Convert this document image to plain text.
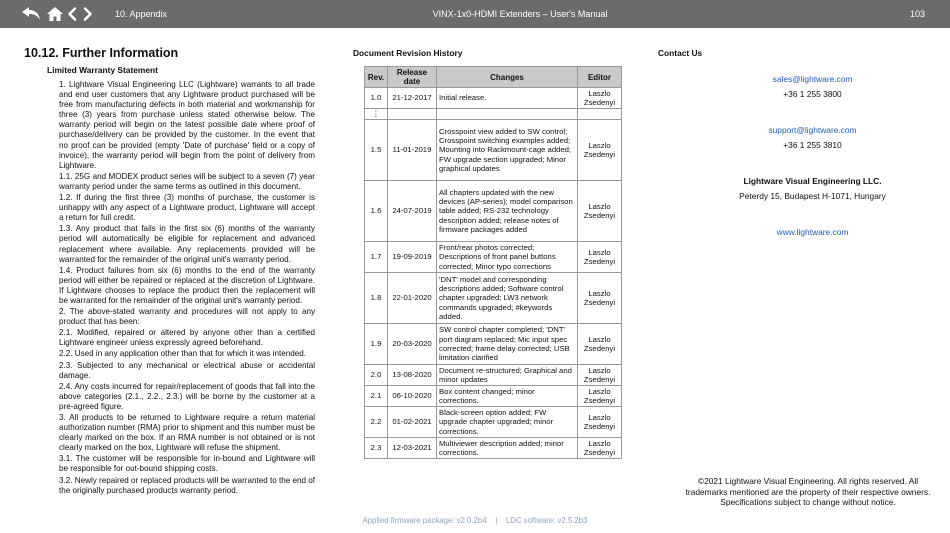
10. Appendix	VINX-1x0-HDMI Extenders – User's Manual	103
10.12. Further Information
Limited Warranty Statement

1. Lightware Visual Engineering LLC (Lightware) warrants to all trade and end user customers that any Lightware product purchased will be free from manufacturing defects in both material and workmanship for three (3) years from purchase unless stated otherwise below. The warranty period will begin on the latest possible date where proof of purchase/delivery can be provided by the customer. In the event that no proof can be provided (empty 'Date of purchase' field or a copy of invoice), the warranty period will begin from the point of delivery from Lightware.

1.1. 25G and MODEX product series will be subject to a seven (7) year warranty period under the same terms as outlined in this document.

1.2. If during the first three (3) months of purchase, the customer is unhappy with any aspect of a Lightware product, Lightware will accept a return for full credit.

1.3. Any product that fails in the first six (6) months of the warranty period will automatically be eligible for replacement and advanced replacement where available. Any replacements provided will be warranted for the remainder of the original unit's warranty period.

1.4. Product failures from six (6) months to the end of the warranty period will either be repaired or replaced at the discretion of Lightware. If Lightware chooses to replace the product then the replacement will be warranted for the remainder of the original unit's warranty period.

2. The above-stated warranty and procedures will not apply to any product that has been:

2.1. Modified, repaired or altered by anyone other than a certified Lightware engineer unless expressly agreed beforehand.

2.2. Used in any application other than that for which it was intended.

2.3. Subjected to any mechanical or electrical abuse or accidental damage.

2.4. Any costs incurred for repair/replacement of goods that fall into the above categories (2.1., 2.2., 2.3.) will be borne by the customer at a pre-agreed figure.

3. All products to be returned to Lightware require a return material authorization number (RMA) prior to shipment and this number must be clearly marked on the box. If an RMA number is not obtained or is not clearly marked on the box, Lightware will refuse the shipment.

3.1. The customer will be responsible for in-bound and Lightware will be responsible for out-bound shipping costs.

3.2. Newly repaired or replaced products will be warranted to the end of the originally purchased products warranty period.

Document Revision History
Rev.	Release date	Changes	Editor
1.0	21-12-2017	Initial release.	Laszlo Zsedenyi
⋮			
1.5	11-01-2019	Crosspoint view added to SW control; Crosspoint switching examples added; Mounting into Rackmount-cage added; FW upgrade section upgraded; Minor graphical updates	Laszlo Zsedenyi
1.6	24-07-2019	All chapters updated with the new devices (AP-series); model comparison table added; RS-232 technology description added; release notes of firmware packages added	Laszlo Zsedenyi
1.7	19-09-2019	Front/rear photos corrected; Descriptions of front panel buttons corrected; Minor typo corrections	Laszlo Zsedenyi
1.8	22-01-2020	'DNT' model and corresponding descriptions added; Software control chapter upgraded; LW3 network commands upgraded; #keywords added.	Laszlo Zsedenyi
1.9	20-03-2020	SW control chapter completed; 'DNT' port diagram replaced; Mic input spec corrected; frame delay corrected; USB limitation clarified	Laszlo Zsedenyi
2.0	13-08-2020	Document re-structured; Graphical and minor updates	Laszlo Zsedenyi
2.1	06-10-2020	Box content changed; minor corrections.	Laszlo Zsedenyi
2.2	01-02-2021	Black-screen option added; FW upgrade chapter upgraded; minor corrections.	Laszlo Zsedenyi
2.3	12-03-2021	Multiviewer description added; minor corrections.	Laszlo Zsedenyi
Contact Us
sales@lightware.com
+36 1 255 3800
support@lightware.com
+36 1 255 3810
Lightware Visual Engineering LLC.
Peterdy 15, Budapest H-1071, Hungary
www.lightware.com
©2021 Lightware Visual Engineering. All rights reserved. All
trademarks mentioned are the property of their respective owners.
Specifications subject to change without notice.
Applied firmware package: v2.0.2b4 | LDC software: v2.5.2b3
